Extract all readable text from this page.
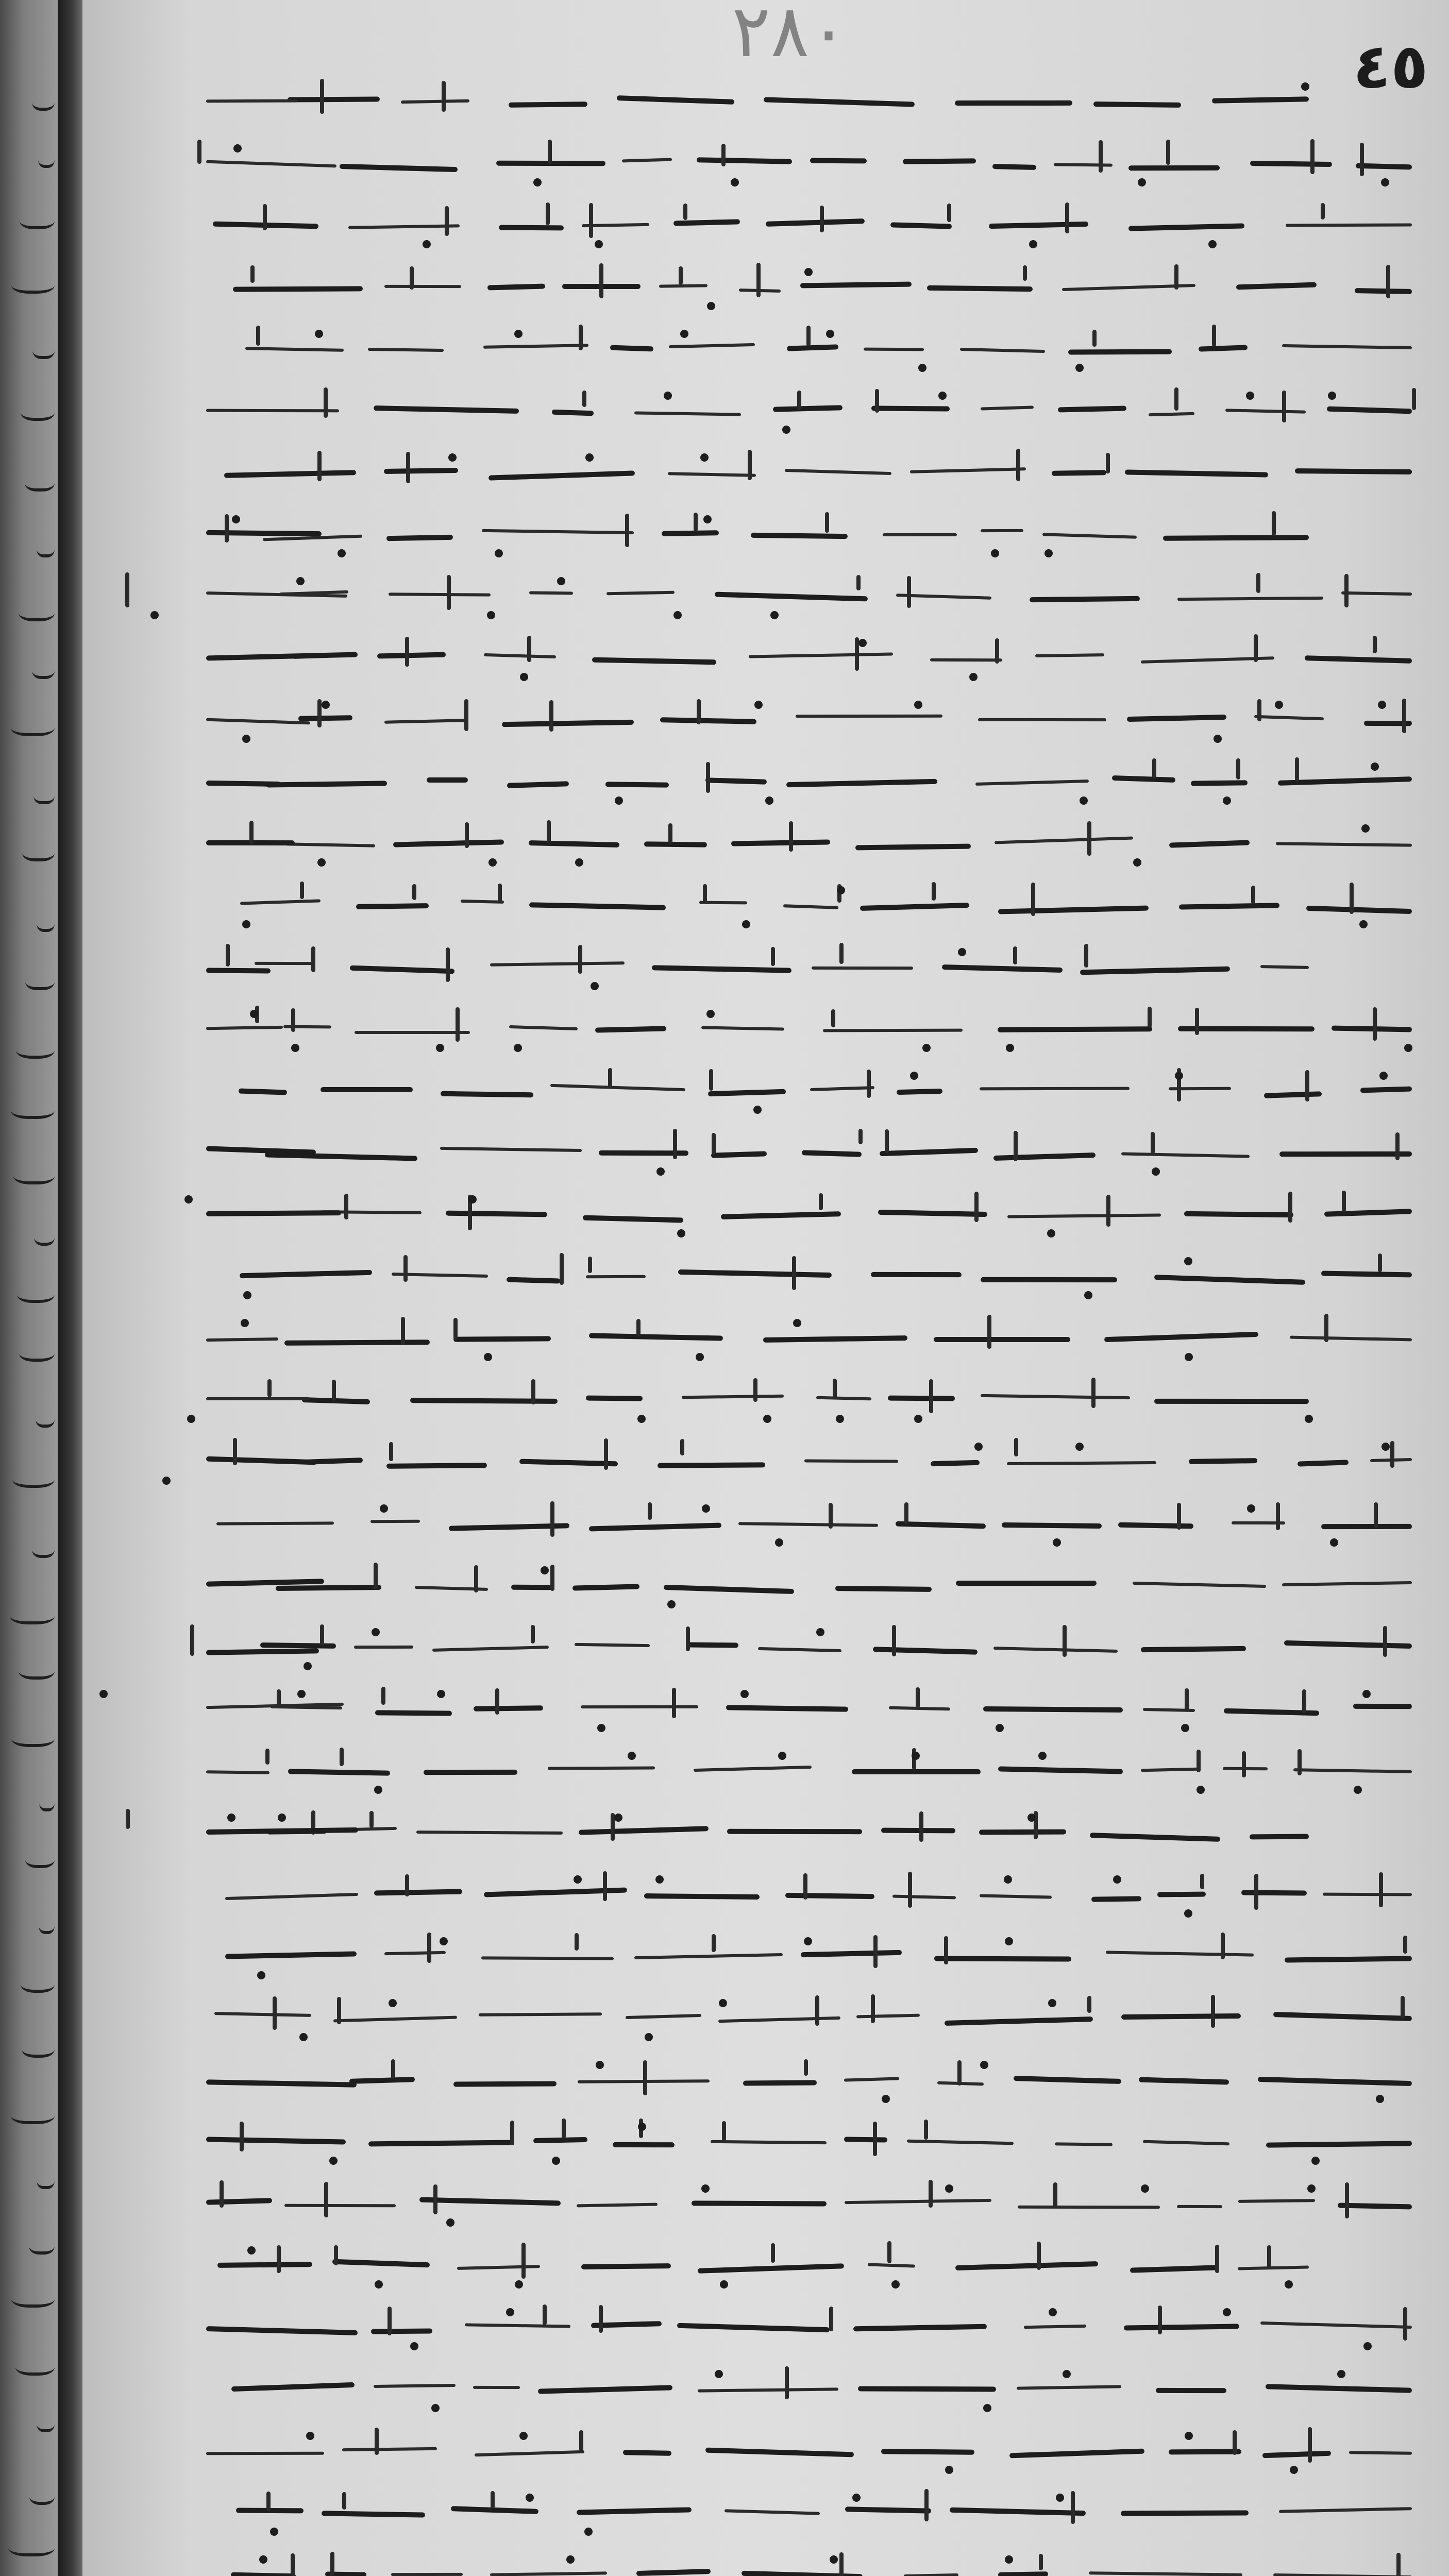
٢٨٠	٤٥
